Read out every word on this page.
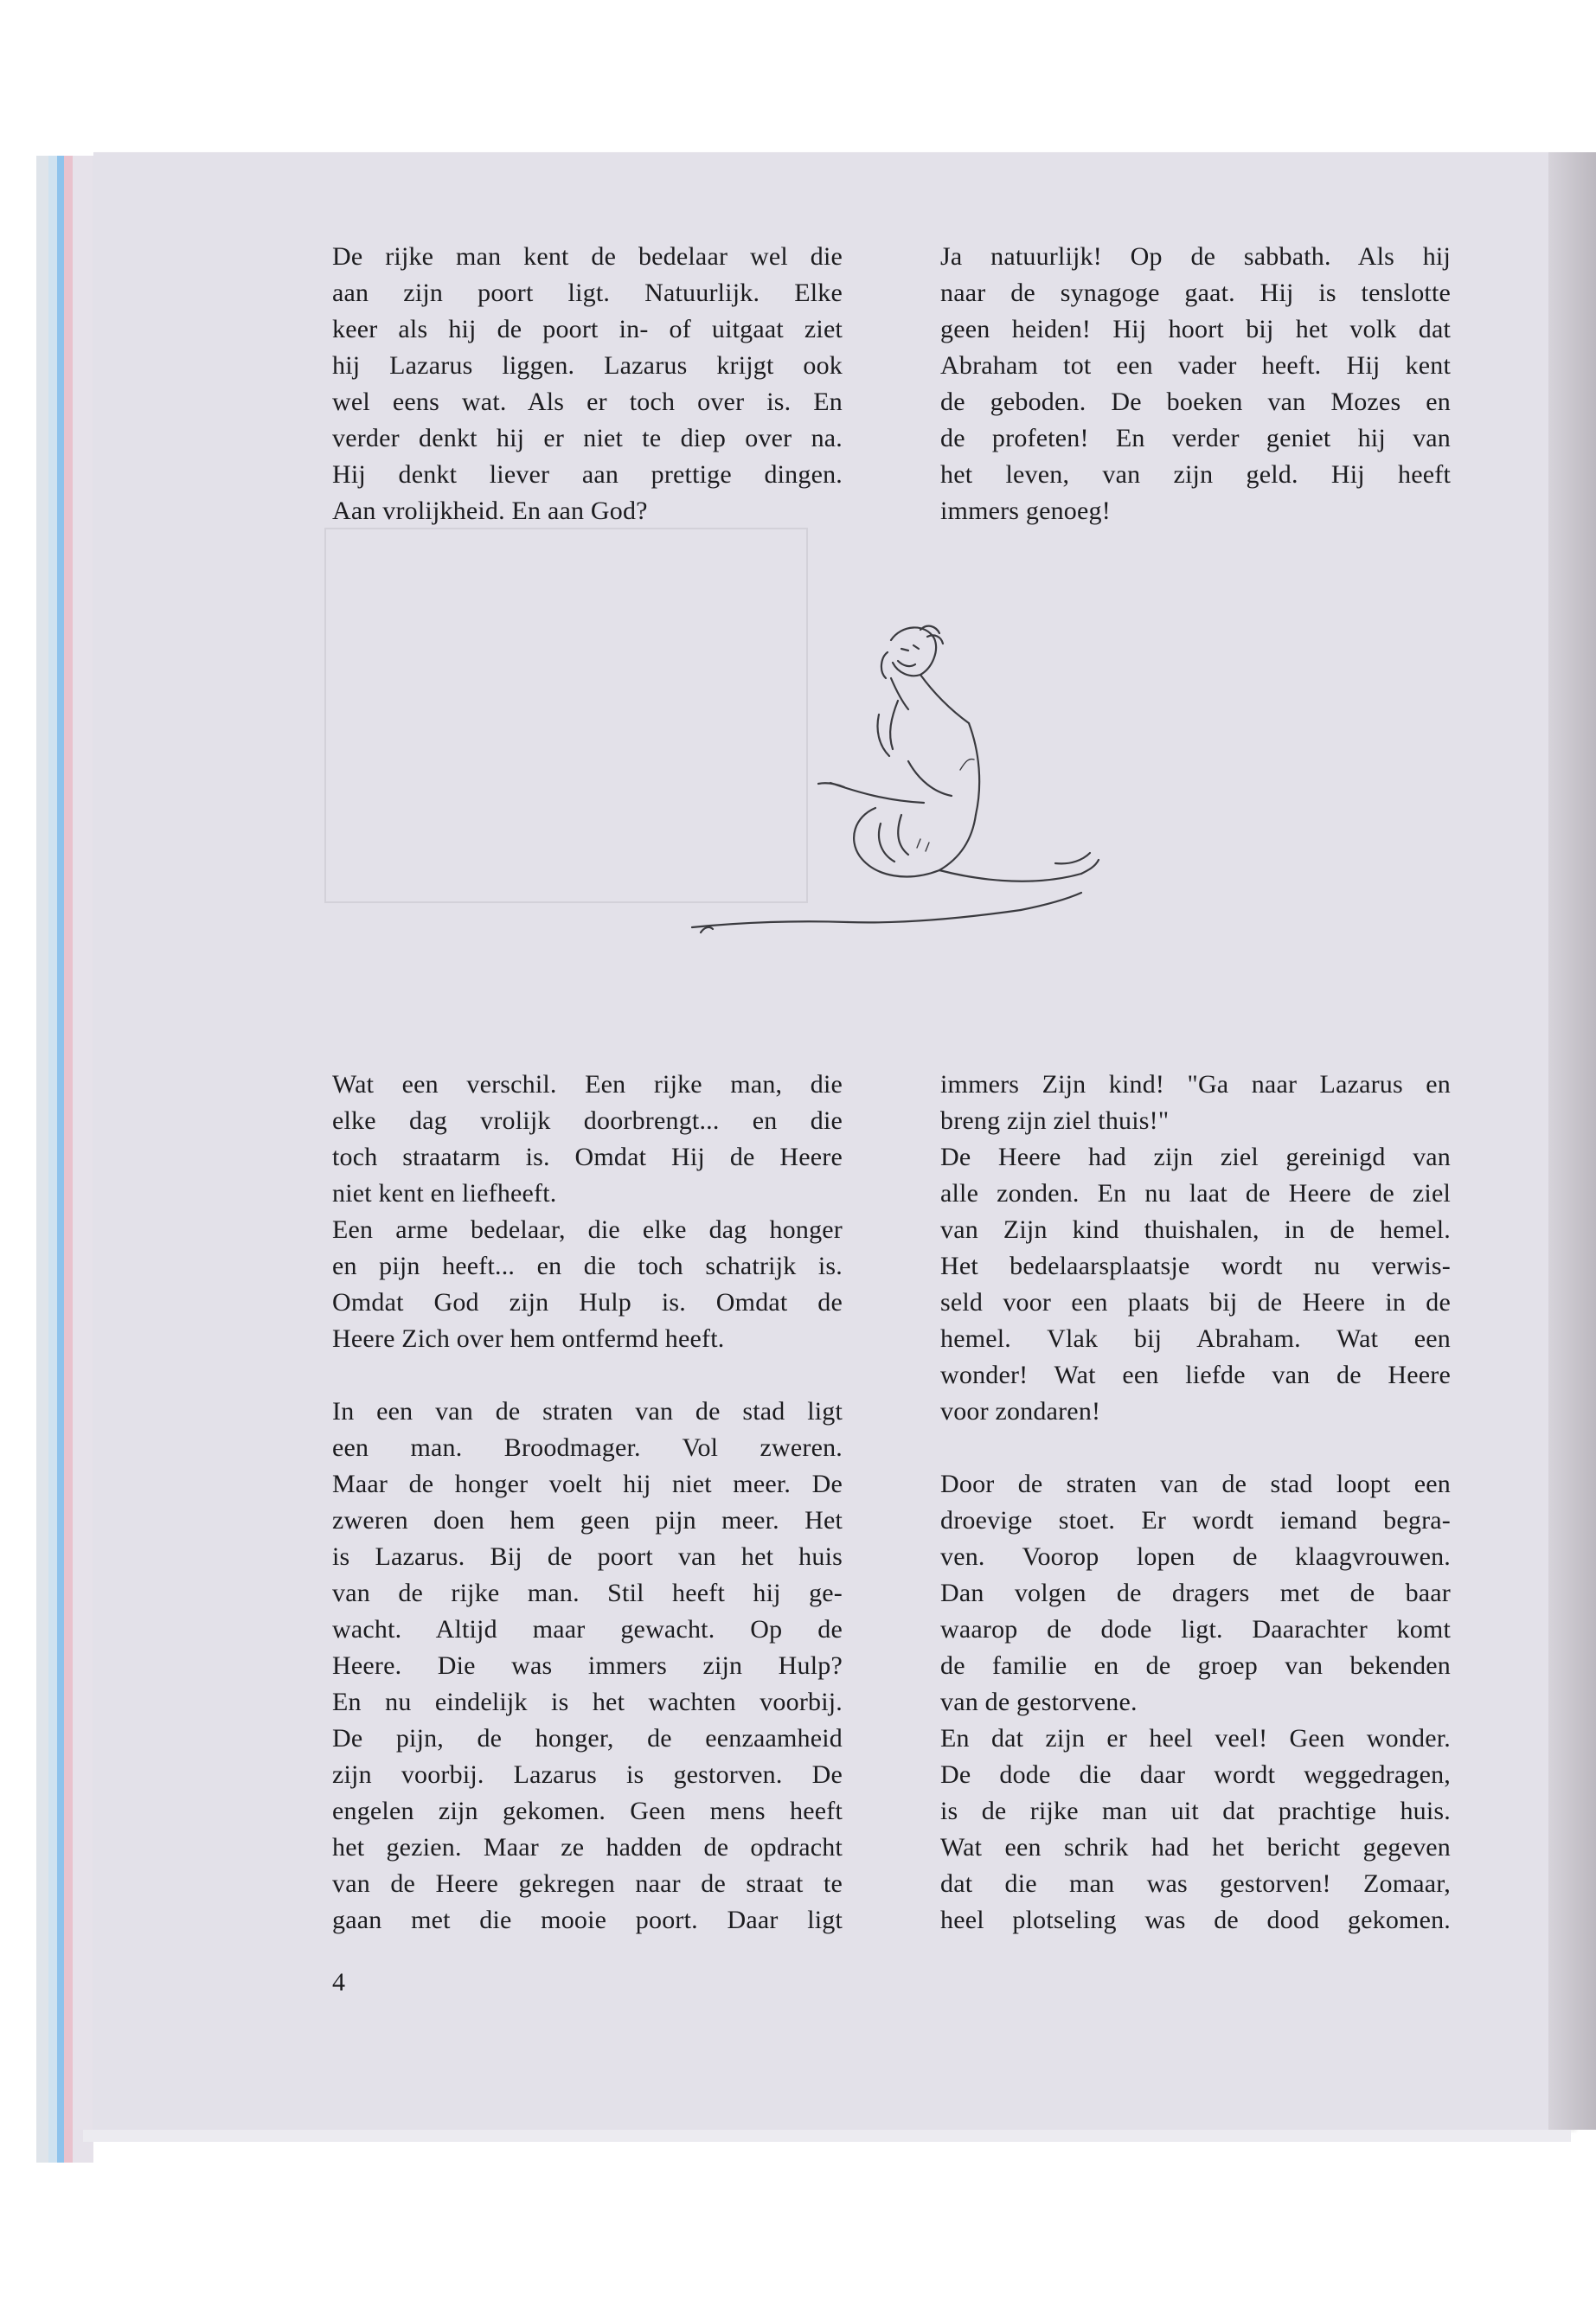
De rijke man kent de bedelaar wel die

aan zijn poort ligt. Natuurlijk. Elke

keer als hij de poort in- of uitgaat ziet

hij Lazarus liggen. Lazarus krijgt ook

wel eens wat. Als er toch over is. En

verder denkt hij er niet te diep over na.

Hij denkt liever aan prettige dingen.

Aan vrolijkheid. En aan God?

Ja natuurlijk! Op de sabbath. Als hij

naar de synagoge gaat. Hij is tenslotte

geen heiden! Hij hoort bij het volk dat

Abraham tot een vader heeft. Hij kent

de geboden. De boeken van Mozes en

de profeten! En verder geniet hij van

het leven, van zijn geld. Hij heeft

immers genoeg!

Wat een verschil. Een rijke man, die

elke dag vrolijk doorbrengt... en die

toch straatarm is. Omdat Hij de Heere

niet kent en liefheeft.

Een arme bedelaar, die elke dag honger

en pijn heeft... en die toch schatrijk is.

Omdat God zijn Hulp is. Omdat de

Heere Zich over hem ontfermd heeft.

In een van de straten van de stad ligt

een man. Broodmager. Vol zweren.

Maar de honger voelt hij niet meer. De

zweren doen hem geen pijn meer. Het

is Lazarus. Bij de poort van het huis

van de rijke man. Stil heeft hij ge-

wacht. Altijd maar gewacht. Op de

Heere. Die was immers zijn Hulp?

En nu eindelijk is het wachten voorbij.

De pijn, de honger, de eenzaamheid

zijn voorbij. Lazarus is gestorven. De

engelen zijn gekomen. Geen mens heeft

het gezien. Maar ze hadden de opdracht

van de Heere gekregen naar de straat te

gaan met die mooie poort. Daar ligt

immers Zijn kind! "Ga naar Lazarus en

breng zijn ziel thuis!"

De Heere had zijn ziel gereinigd van

alle zonden. En nu laat de Heere de ziel

van Zijn kind thuishalen, in de hemel.

Het bedelaarsplaatsje wordt nu verwis-

seld voor een plaats bij de Heere in de

hemel. Vlak bij Abraham. Wat een

wonder! Wat een liefde van de Heere

voor zondaren!

Door de straten van de stad loopt een

droevige stoet. Er wordt iemand begra-

ven. Voorop lopen de klaagvrouwen.

Dan volgen de dragers met de baar

waarop de dode ligt. Daarachter komt

de familie en de groep van bekenden

van de gestorvene.

En dat zijn er heel veel! Geen wonder.

De dode die daar wordt weggedragen,

is de rijke man uit dat prachtige huis.

Wat een schrik had het bericht gegeven

dat die man was gestorven! Zomaar,

heel plotseling was de dood gekomen.

4
